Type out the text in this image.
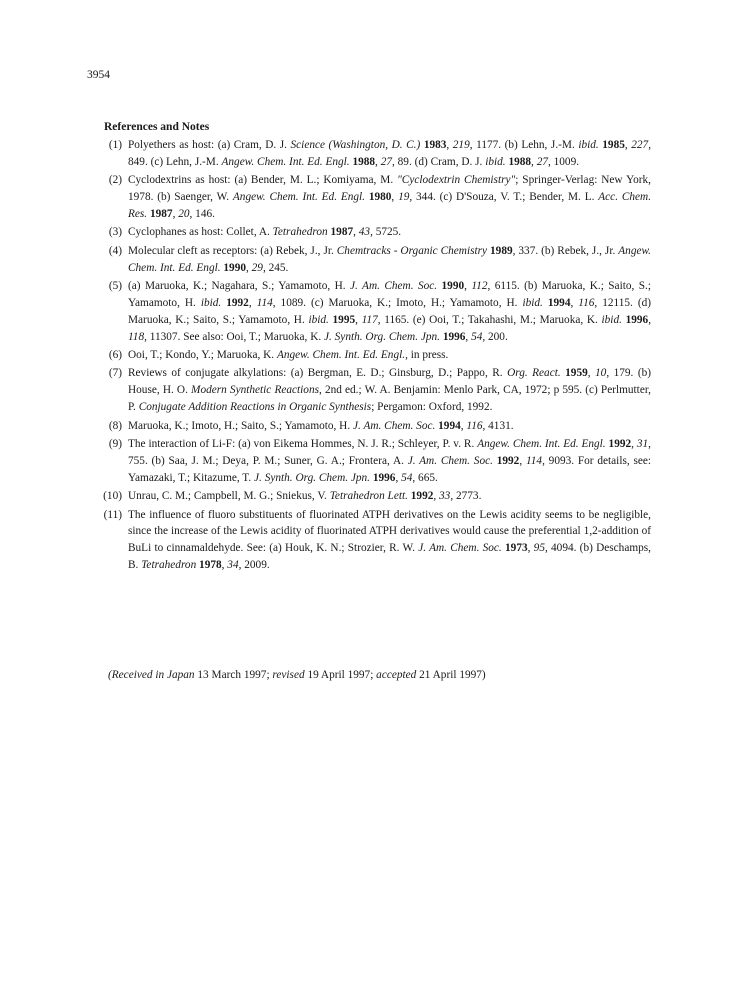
3954
References and Notes
(1) Polyethers as host: (a) Cram, D. J. Science (Washington, D. C.) 1983, 219, 1177. (b) Lehn, J.-M. ibid. 1985, 227, 849. (c) Lehn, J.-M. Angew. Chem. Int. Ed. Engl. 1988, 27, 89. (d) Cram, D. J. ibid. 1988, 27, 1009.
(2) Cyclodextrins as host: (a) Bender, M. L.; Komiyama, M. "Cyclodextrin Chemistry"; Springer-Verlag: New York, 1978. (b) Saenger, W. Angew. Chem. Int. Ed. Engl. 1980, 19, 344. (c) D'Souza, V. T.; Bender, M. L. Acc. Chem. Res. 1987, 20, 146.
(3) Cyclophanes as host: Collet, A. Tetrahedron 1987, 43, 5725.
(4) Molecular cleft as receptors: (a) Rebek, J., Jr. Chemtracks - Organic Chemistry 1989, 337. (b) Rebek, J., Jr. Angew. Chem. Int. Ed. Engl. 1990, 29, 245.
(5) (a) Maruoka, K.; Nagahara, S.; Yamamoto, H. J. Am. Chem. Soc. 1990, 112, 6115. (b) Maruoka, K.; Saito, S.; Yamamoto, H. ibid. 1992, 114, 1089. (c) Maruoka, K.; Imoto, H.; Yamamoto, H. ibid. 1994, 116, 12115. (d) Maruoka, K.; Saito, S.; Yamamoto, H. ibid. 1995, 117, 1165. (e) Ooi, T.; Takahashi, M.; Maruoka, K. ibid. 1996, 118, 11307. See also: Ooi, T.; Maruoka, K. J. Synth. Org. Chem. Jpn. 1996, 54, 200.
(6) Ooi, T.; Kondo, Y.; Maruoka, K. Angew. Chem. Int. Ed. Engl., in press.
(7) Reviews of conjugate alkylations: (a) Bergman, E. D.; Ginsburg, D.; Pappo, R. Org. React. 1959, 10, 179. (b) House, H. O. Modern Synthetic Reactions, 2nd ed.; W. A. Benjamin: Menlo Park, CA, 1972; p 595. (c) Perlmutter, P. Conjugate Addition Reactions in Organic Synthesis; Pergamon: Oxford, 1992.
(8) Maruoka, K.; Imoto, H.; Saito, S.; Yamamoto, H. J. Am. Chem. Soc. 1994, 116, 4131.
(9) The interaction of Li-F: (a) von Eikema Hommes, N. J. R.; Schleyer, P. v. R. Angew. Chem. Int. Ed. Engl. 1992, 31, 755. (b) Saa, J. M.; Deya, P. M.; Suner, G. A.; Frontera, A. J. Am. Chem. Soc. 1992, 114, 9093. For details, see: Yamazaki, T.; Kitazume, T. J. Synth. Org. Chem. Jpn. 1996, 54, 665.
(10) Unrau, C. M.; Campbell, M. G.; Sniekus, V. Tetrahedron Lett. 1992, 33, 2773.
(11) The influence of fluoro substituents of fluorinated ATPH derivatives on the Lewis acidity seems to be negligible, since the increase of the Lewis acidity of fluorinated ATPH derivatives would cause the preferential 1,2-addition of BuLi to cinnamaldehyde. See: (a) Houk, K. N.; Strozier, R. W. J. Am. Chem. Soc. 1973, 95, 4094. (b) Deschamps, B. Tetrahedron 1978, 34, 2009.
(Received in Japan 13 March 1997; revised 19 April 1997; accepted 21 April 1997)
